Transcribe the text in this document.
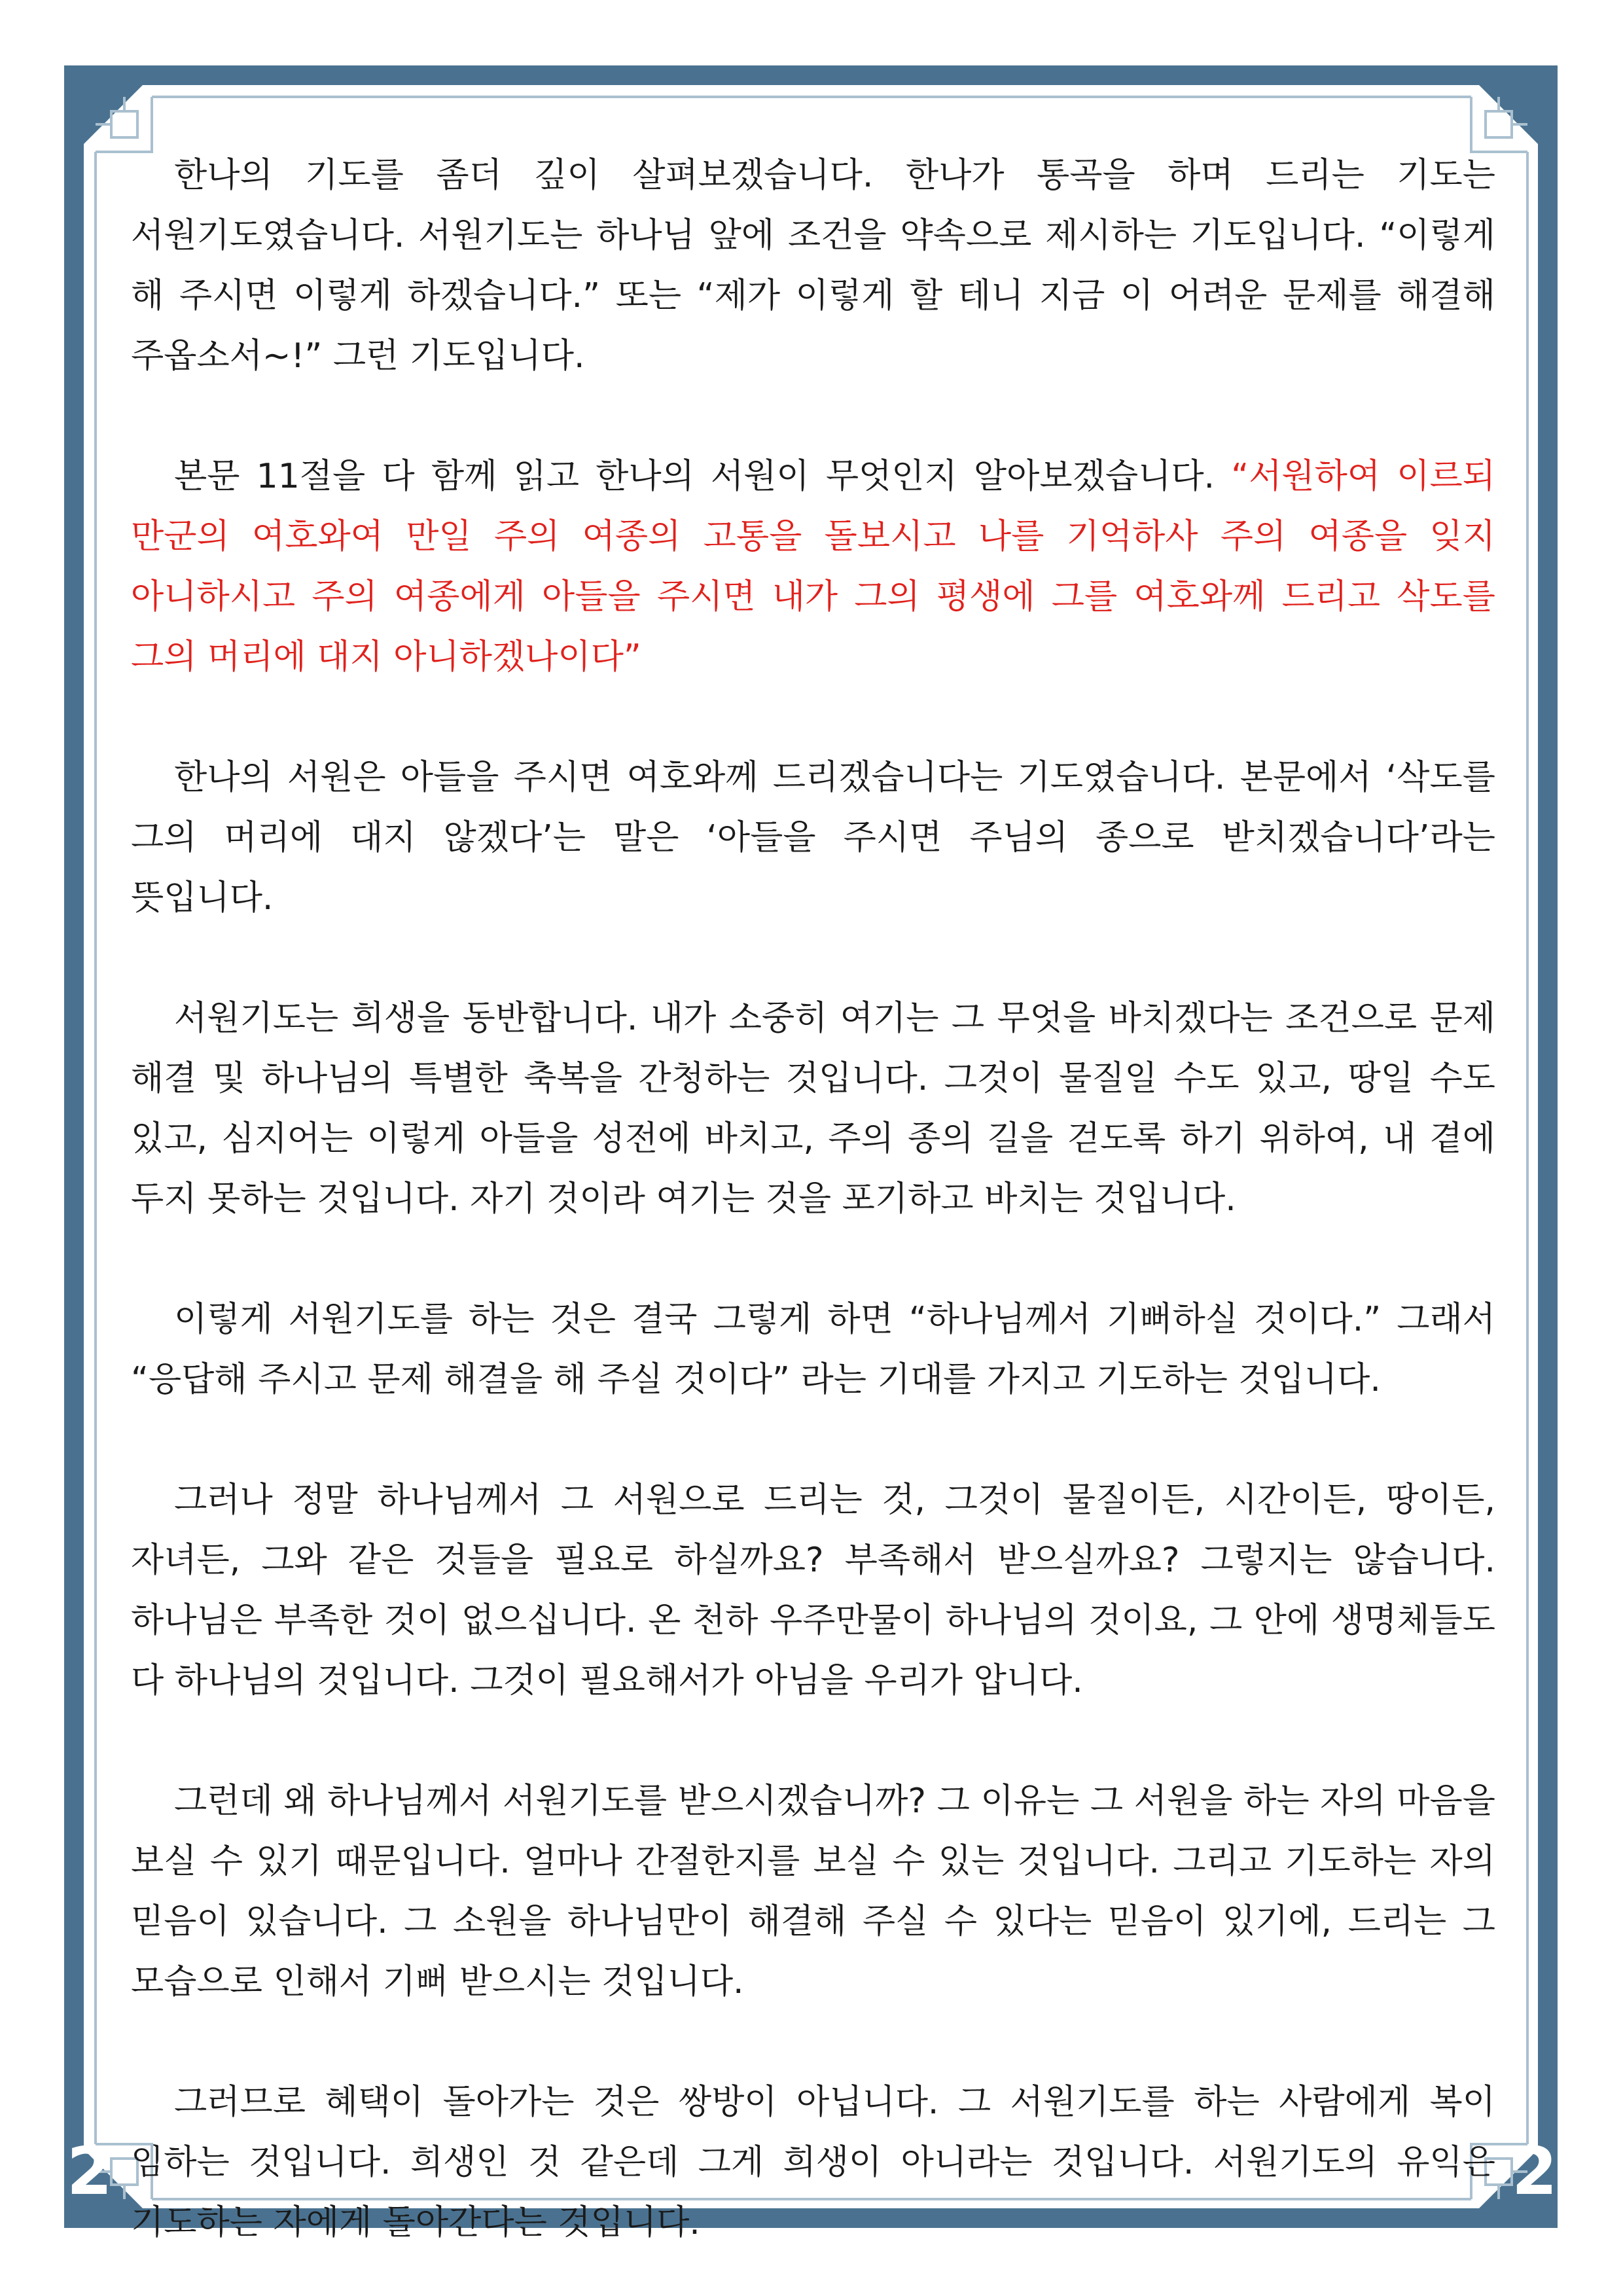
2	2

한나의 기도를 좀더 깊이 살펴보겠습니다. 한나가 통곡을 하며 드리는 기도는 서원기도였습니다. 서원기도는 하나님 앞에 조건을 약속으로 제시하는 기도입니다. “이렇게 해 주시면 이렇게 하겠습니다.” 또는 “제가 이렇게 할 테니 지금 이 어려운 문제를 해결해 주옵소서~!” 그런 기도입니다.

본문 11절을 다 함께 읽고 한나의 서원이 무엇인지 알아보겠습니다. “서원하여 이르되 만군의 여호와여 만일 주의 여종의 고통을 돌보시고 나를 기억하사 주의 여종을 잊지 아니하시고 주의 여종에게 아들을 주시면 내가 그의 평생에 그를 여호와께 드리고 삭도를 그의 머리에 대지 아니하겠나이다”

한나의 서원은 아들을 주시면 여호와께 드리겠습니다는 기도였습니다. 본문에서 ‘삭도를 그의 머리에 대지 않겠다’는 말은 ‘아들을 주시면 주님의 종으로 받치겠습니다’라는 뜻입니다.

서원기도는 희생을 동반합니다. 내가 소중히 여기는 그 무엇을 바치겠다는 조건으로 문제 해결 및 하나님의 특별한 축복을 간청하는 것입니다. 그것이 물질일 수도 있고, 땅일 수도 있고, 심지어는 이렇게 아들을 성전에 바치고, 주의 종의 길을 걷도록 하기 위하여, 내 곁에 두지 못하는 것입니다. 자기 것이라 여기는 것을 포기하고 바치는 것입니다.

이렇게 서원기도를 하는 것은 결국 그렇게 하면 “하나님께서 기뻐하실 것이다.” 그래서 “응답해 주시고 문제 해결을 해 주실 것이다” 라는 기대를 가지고 기도하는 것입니다.

그러나 정말 하나님께서 그 서원으로 드리는 것, 그것이 물질이든, 시간이든, 땅이든, 자녀든, 그와 같은 것들을 필요로 하실까요? 부족해서 받으실까요? 그렇지는 않습니다. 하나님은 부족한 것이 없으십니다. 온 천하 우주만물이 하나님의 것이요, 그 안에 생명체들도 다 하나님의 것입니다. 그것이 필요해서가 아님을 우리가 압니다.

그런데 왜 하나님께서 서원기도를 받으시겠습니까? 그 이유는 그 서원을 하는 자의 마음을 보실 수 있기 때문입니다. 얼마나 간절한지를 보실 수 있는 것입니다. 그리고 기도하는 자의 믿음이 있습니다. 그 소원을 하나님만이 해결해 주실 수 있다는 믿음이 있기에, 드리는 그 모습으로 인해서 기뻐 받으시는 것입니다.

그러므로 혜택이 돌아가는 것은 쌍방이 아닙니다. 그 서원기도를 하는 사람에게 복이 임하는 것입니다. 희생인 것 같은데 그게 희생이 아니라는 것입니다. 서원기도의 유익은 기도하는 자에게 돌아간다는 것입니다.
